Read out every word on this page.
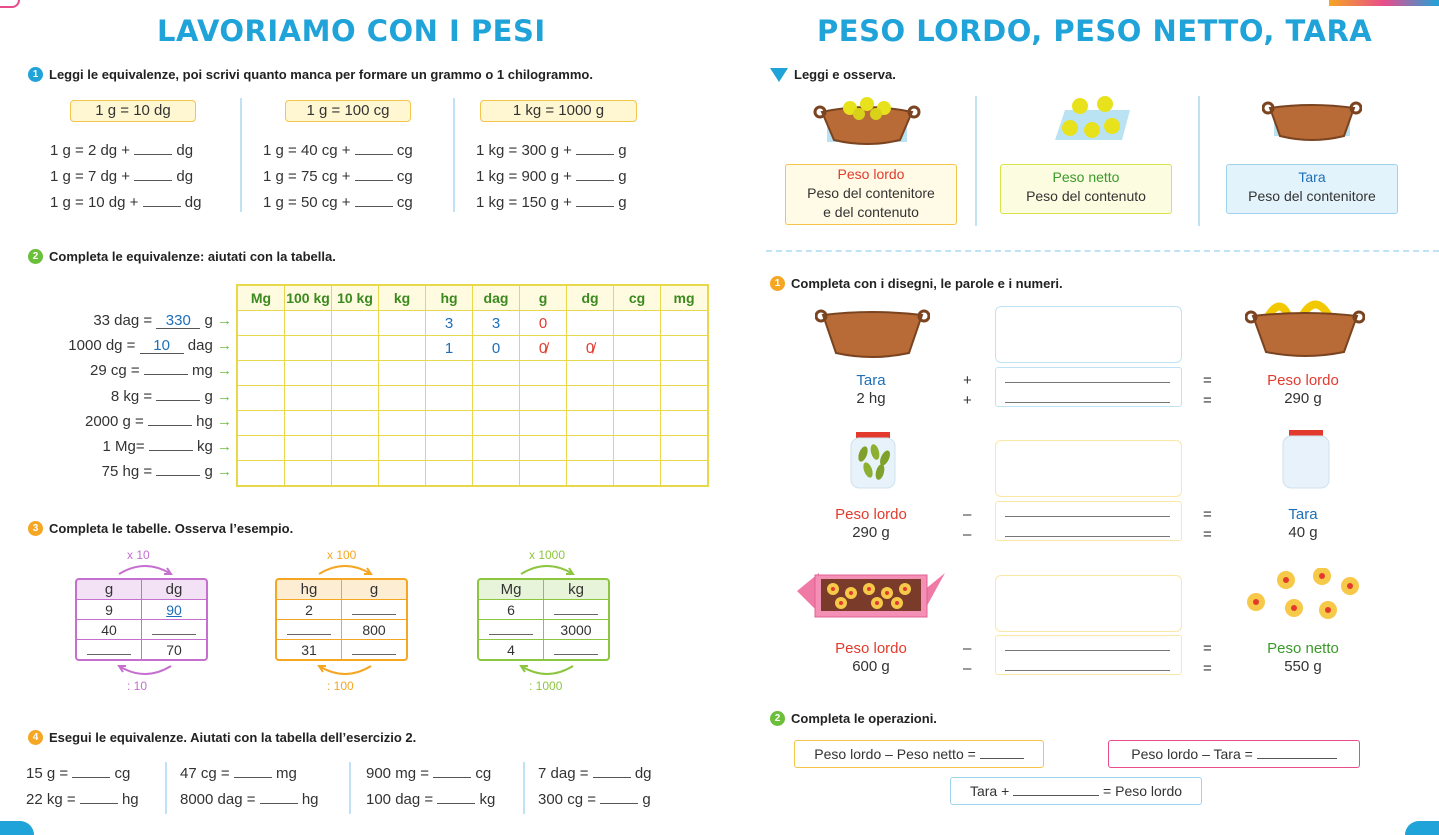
LAVORIAMO CON I PESI
1 Leggi le equivalenze, poi scrivi quanto manca per formare un grammo o 1 chilogrammo.
1 g = 10 dg	1 g = 100 cg	1 kg = 1000 g
1 g = 2 dg +	dg
1 g = 7 dg +	dg
1 g = 10 dg +	dg
1 g = 40 cg +	cg
1 g = 75 cg +	cg
1 g = 50 cg +	cg
1 kg = 300 g +	g
1 kg = 900 g +	g
1 kg = 150 g +	g
2 Completa le equivalenze: aiutati con la tabella.
33 dag = 330 g →
1000 dg = 10 dag →
29 cg =	mg →
8 kg =	g →
2000 g =	hg →
1 Mg=	kg →
75 hg =	g →
Mg	100 kg	10 kg	kg	hg	dag	g	dg	cg	mg
				3	3	0			
				1	0	0̸	0̸		

3 Completa le tabelle. Osserva l’esempio.
x 10
g	dg
9	90
40	
	70
: 10
x 100
hg	g
2	
	800
31	
: 100
x 1000
Mg	kg
6	
	3000
4	
: 1000
4 Esegui le equivalenze. Aiutati con la tabella dell’esercizio 2.
15 g =	cg	47 cg =	mg	900 mg =	cg	7 dag =	dg
22 kg =	hg	8000 dag =	hg	100 dag =	kg	300 cg =	g
PESO LORDO, PESO NETTO, TARA
Leggi e osserva.
Peso lordo
Peso del contenitore
e del contenuto
Peso netto
Peso del contenuto
Tara
Peso del contenitore
1 Completa con i disegni, le parole e i numeri.
Tara
2 hg
+
+
=
=
Peso lordo
290 g
Peso lordo
290 g
–
–
=
=
Tara
40 g
Peso lordo
600 g
–
–
=
=
Peso netto
550 g
2 Completa le operazioni.
Peso lordo – Peso netto =	Peso lordo – Tara =
Tara +	= Peso lordo
